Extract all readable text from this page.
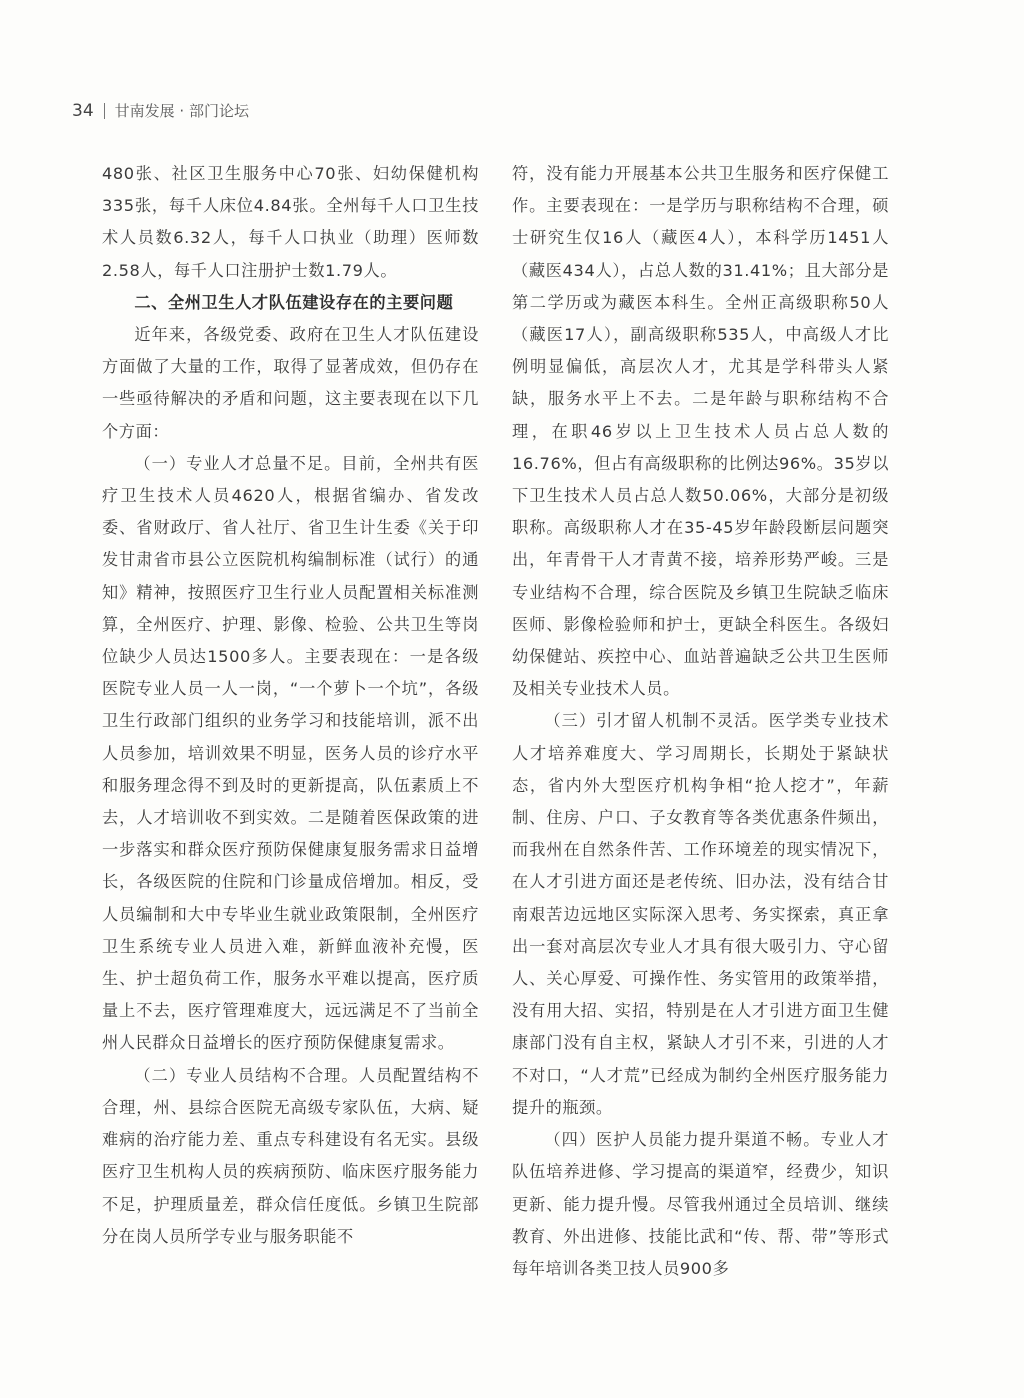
34 甘南发展 · 部门论坛

480张、社区卫生服务中心70张、妇幼保健机构335张，每千人床位4.84张。全州每千人口卫生技术人员数6.32人，每千人口执业（助理）医师数2.58人，每千人口注册护士数1.79人。

二、全州卫生人才队伍建设存在的主要问题

近年来，各级党委、政府在卫生人才队伍建设方面做了大量的工作，取得了显著成效，但仍存在一些亟待解决的矛盾和问题，这主要表现在以下几个方面：

（一）专业人才总量不足。目前，全州共有医疗卫生技术人员4620人，根据省编办、省发改委、省财政厅、省人社厅、省卫生计生委《关于印发甘肃省市县公立医院机构编制标准（试行）的通知》精神，按照医疗卫生行业人员配置相关标准测算，全州医疗、护理、影像、检验、公共卫生等岗位缺少人员达1500多人。主要表现在：一是各级医院专业人员一人一岗，“一个萝卜一个坑”，各级卫生行政部门组织的业务学习和技能培训，派不出人员参加，培训效果不明显，医务人员的诊疗水平和服务理念得不到及时的更新提高，队伍素质上不去，人才培训收不到实效。二是随着医保政策的进一步落实和群众医疗预防保健康复服务需求日益增长，各级医院的住院和门诊量成倍增加。相反，受人员编制和大中专毕业生就业政策限制，全州医疗卫生系统专业人员进入难，新鲜血液补充慢，医生、护士超负荷工作，服务水平难以提高，医疗质量上不去，医疗管理难度大，远远满足不了当前全州人民群众日益增长的医疗预防保健康复需求。

（二）专业人员结构不合理。人员配置结构不合理，州、县综合医院无高级专家队伍，大病、疑难病的治疗能力差、重点专科建设有名无实。县级医疗卫生机构人员的疾病预防、临床医疗服务能力不足，护理质量差，群众信任度低。乡镇卫生院部分在岗人员所学专业与服务职能不

符，没有能力开展基本公共卫生服务和医疗保健工作。主要表现在：一是学历与职称结构不合理，硕士研究生仅16人（藏医4人），本科学历1451人（藏医434人），占总人数的31.41%；且大部分是第二学历或为藏医本科生。全州正高级职称50人（藏医17人），副高级职称535人，中高级人才比例明显偏低，高层次人才，尤其是学科带头人紧缺，服务水平上不去。二是年龄与职称结构不合理，在职46岁以上卫生技术人员占总人数的16.76%，但占有高级职称的比例达96%。35岁以下卫生技术人员占总人数50.06%，大部分是初级职称。高级职称人才在35-45岁年龄段断层问题突出，年青骨干人才青黄不接，培养形势严峻。三是专业结构不合理，综合医院及乡镇卫生院缺乏临床医师、影像检验师和护士，更缺全科医生。各级妇幼保健站、疾控中心、血站普遍缺乏公共卫生医师及相关专业技术人员。

（三）引才留人机制不灵活。医学类专业技术人才培养难度大、学习周期长，长期处于紧缺状态，省内外大型医疗机构争相“抢人挖才”，年薪制、住房、户口、子女教育等各类优惠条件频出，而我州在自然条件苦、工作环境差的现实情况下，在人才引进方面还是老传统、旧办法，没有结合甘南艰苦边远地区实际深入思考、务实探索，真正拿出一套对高层次专业人才具有很大吸引力、守心留人、关心厚爱、可操作性、务实管用的政策举措，没有用大招、实招，特别是在人才引进方面卫生健康部门没有自主权，紧缺人才引不来，引进的人才不对口，“人才荒”已经成为制约全州医疗服务能力提升的瓶颈。

（四）医护人员能力提升渠道不畅。专业人才队伍培养进修、学习提高的渠道窄，经费少，知识更新、能力提升慢。尽管我州通过全员培训、继续教育、外出进修、技能比武和“传、帮、带”等形式每年培训各类卫技人员900多
